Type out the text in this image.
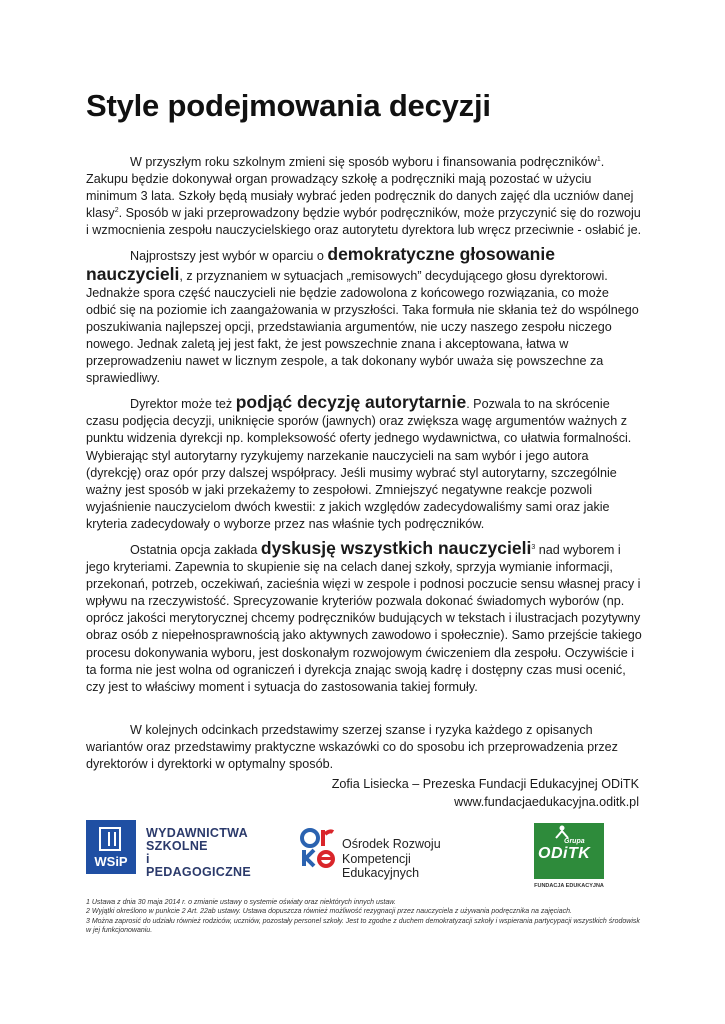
Style podejmowania decyzji

W przyszłym roku szkolnym zmieni się sposób wyboru i finansowania podręczników$^1$. Zakupu będzie dokonywał organ prowadzący szkołę a podręczniki mają pozostać w użyciu minimum 3 lata. Szkoły będą musiały wybrać jeden podręcznik do danych zajęć dla uczniów danej klasy$^2$. Sposób w jaki przeprowadzony będzie wybór podręczników, może przyczynić się do rozwoju i wzmocnienia zespołu nauczycielskiego oraz autorytetu dyrektora lub wręcz przeciwnie - osłabić je.

Najprostszy jest wybór w oparciu o demokratyczne głosowanie nauczycieli, z przyznaniem w sytuacjach „remisowych” decydującego głosu dyrektorowi. Jednakże spora część nauczycieli nie będzie zadowolona z końcowego rozwiązania, co może odbić się na poziomie ich zaangażowania w przyszłości. Taka formuła nie skłania też do wspólnego poszukiwania najlepszej opcji, przedstawiania argumentów, nie uczy naszego zespołu niczego nowego. Jednak zaletą jej jest fakt, że jest powszechnie znana i akceptowana, łatwa w przeprowadzeniu nawet w licznym zespole, a tak dokonany wybór uważa się powszechne za sprawiedliwy.

Dyrektor może też podjąć decyzję autorytarnie. Pozwala to na skrócenie czasu podjęcia decyzji, uniknięcie sporów (jawnych) oraz zwiększa wagę argumentów ważnych z punktu widzenia dyrekcji np. kompleksowość oferty jednego wydawnictwa, co ułatwia formalności. Wybierając styl autorytarny ryzykujemy narzekanie nauczycieli na sam wybór i jego autora (dyrekcję) oraz opór przy dalszej współpracy. Jeśli musimy wybrać styl autorytarny, szczególnie ważny jest sposób w jaki przekażemy to zespołowi. Zmniejszyć negatywne reakcje pozwoli wyjaśnienie nauczycielom dwóch kwestii: z jakich względów zadecydowaliśmy sami oraz jakie kryteria zadecydowały o wyborze przez nas właśnie tych podręczników.

Ostatnia opcja zakłada dyskusję wszystkich nauczycieli$^3$ nad wyborem i jego kryteriami. Zapewnia to skupienie się na celach danej szkoły, sprzyja wymianie informacji, przekonań, potrzeb, oczekiwań, zacieśnia więzi w zespole i podnosi poczucie sensu własnej pracy i wpływu na rzeczywistość. Sprecyzowanie kryteriów pozwala dokonać świadomych wyborów (np. oprócz jakości merytorycznej chcemy podręczników budujących w tekstach i ilustracjach pozytywny obraz osób z niepełnosprawnością jako aktywnych zawodowo i społecznie). Samo przejście takiego procesu dokonywania wyboru, jest doskonałym rozwojowym ćwiczeniem dla zespołu. Oczywiście i ta forma nie jest wolna od ograniczeń i dyrekcja znając swoją kadrę i dostępny czas musi ocenić, czy jest to właściwy moment i sytuacja do zastosowania takiej formuły.

W kolejnych odcinkach przedstawimy szerzej szanse i ryzyka każdego z opisanych wariantów oraz przedstawimy praktyczne wskazówki co do sposobu ich przeprowadzenia przez dyrektorów i dyrektorki w optymalny sposób.

Zofia Lisiecka – Prezeska Fundacji Edukacyjnej ODiTK
www.fundacjaedukacyjna.oditk.pl
WSiP
WYDAWNICTWA
SZKOLNE
i PEDAGOGICZNE
Ośrodek Rozwoju
Kompetencji Edukacyjnych
Grupa
ODiTK
FUNDACJA EDUKACYJNA
1 Ustawa z dnia 30 maja 2014 r. o zmianie ustawy o systemie oświaty oraz niektórych innych ustaw.
2 Wyjątki określono w punkcie 2 Art. 22ab ustawy. Ustawa dopuszcza również możliwość rezygnacji przez nauczyciela z używania podręcznika na zajęciach.
3 Można zaprosić do udziału również rodziców, uczniów, pozostały personel szkoły. Jest to zgodne z duchem demokratyzacji szkoły i wspierania partycypacji wszystkich środowisk w jej funkcjonowaniu.
